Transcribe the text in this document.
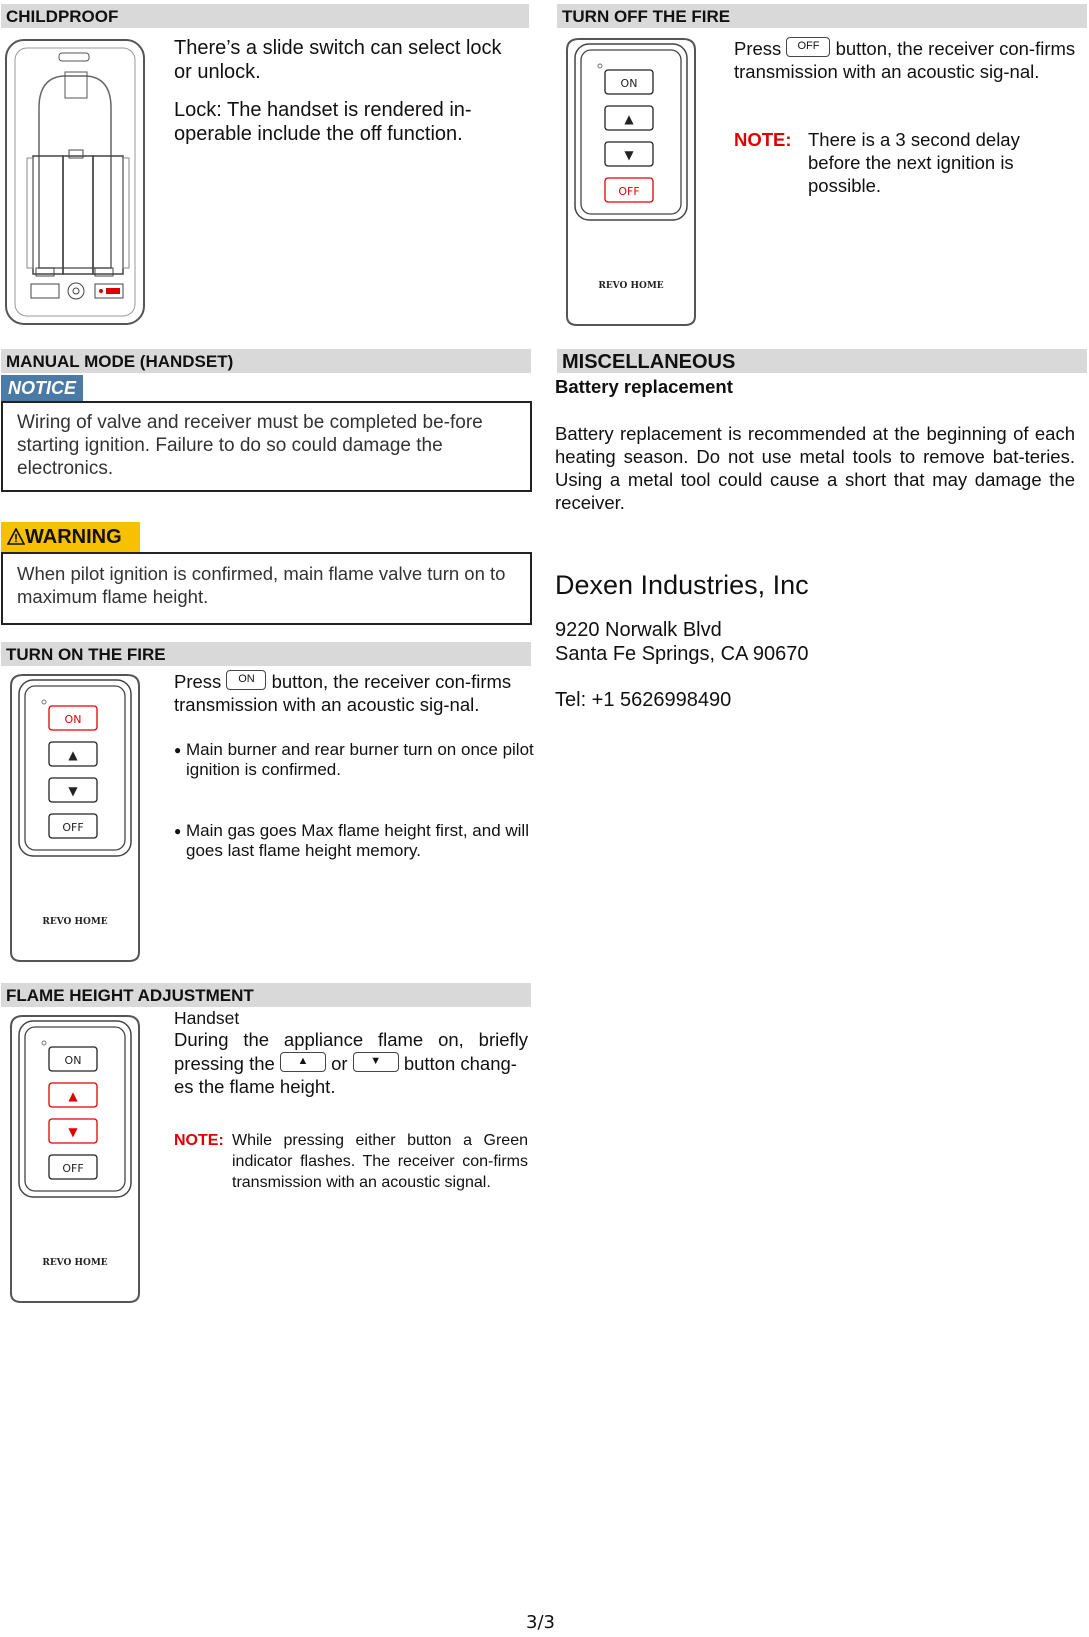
CHILDPROOF
There’s a slide switch can select lock or unlock.
Lock: The handset is rendered in-operable include the off function.
MANUAL MODE (HANDSET)
NOTICE
Wiring of valve and receiver must be completed be-fore starting ignition. Failure to do so could damage the electronics.
WARNING
When pilot ignition is confirmed, main flame valve turn on to maximum flame height.
TURN ON THE FIRE
ON
▲
▼
OFF
REVO HOME
Press ON button, the receiver con-firms transmission with an acoustic sig-nal.
● Main burner and rear burner turn on once pilot ignition is confirmed.
● Main gas goes Max flame height first, and will goes last flame height memory.
FLAME HEIGHT ADJUSTMENT
ON
▲
▼
OFF
REVO HOME
Handset
During the appliance flame on, briefly
pressing the ▲ or ▼ button chang-es the flame height.
NOTE: While pressing either button a Green indicator flashes. The receiver con-firms transmission with an acoustic signal.
TURN OFF THE FIRE
ON
▲
▼
OFF
REVO HOME
Press OFF button, the receiver con-firms transmission with an acoustic sig-nal.
NOTE: There is a 3 second delay before the next ignition is possible.
MISCELLANEOUS
Battery replacement
Battery replacement is recommended at the beginning of each heating season. Do not use metal tools to remove bat-teries. Using a metal tool could cause a short that may damage the receiver.
Dexen Industries, Inc
9220 Norwalk Blvd
Santa Fe Springs, CA 90670
Tel: +1 5626998490
3/3
